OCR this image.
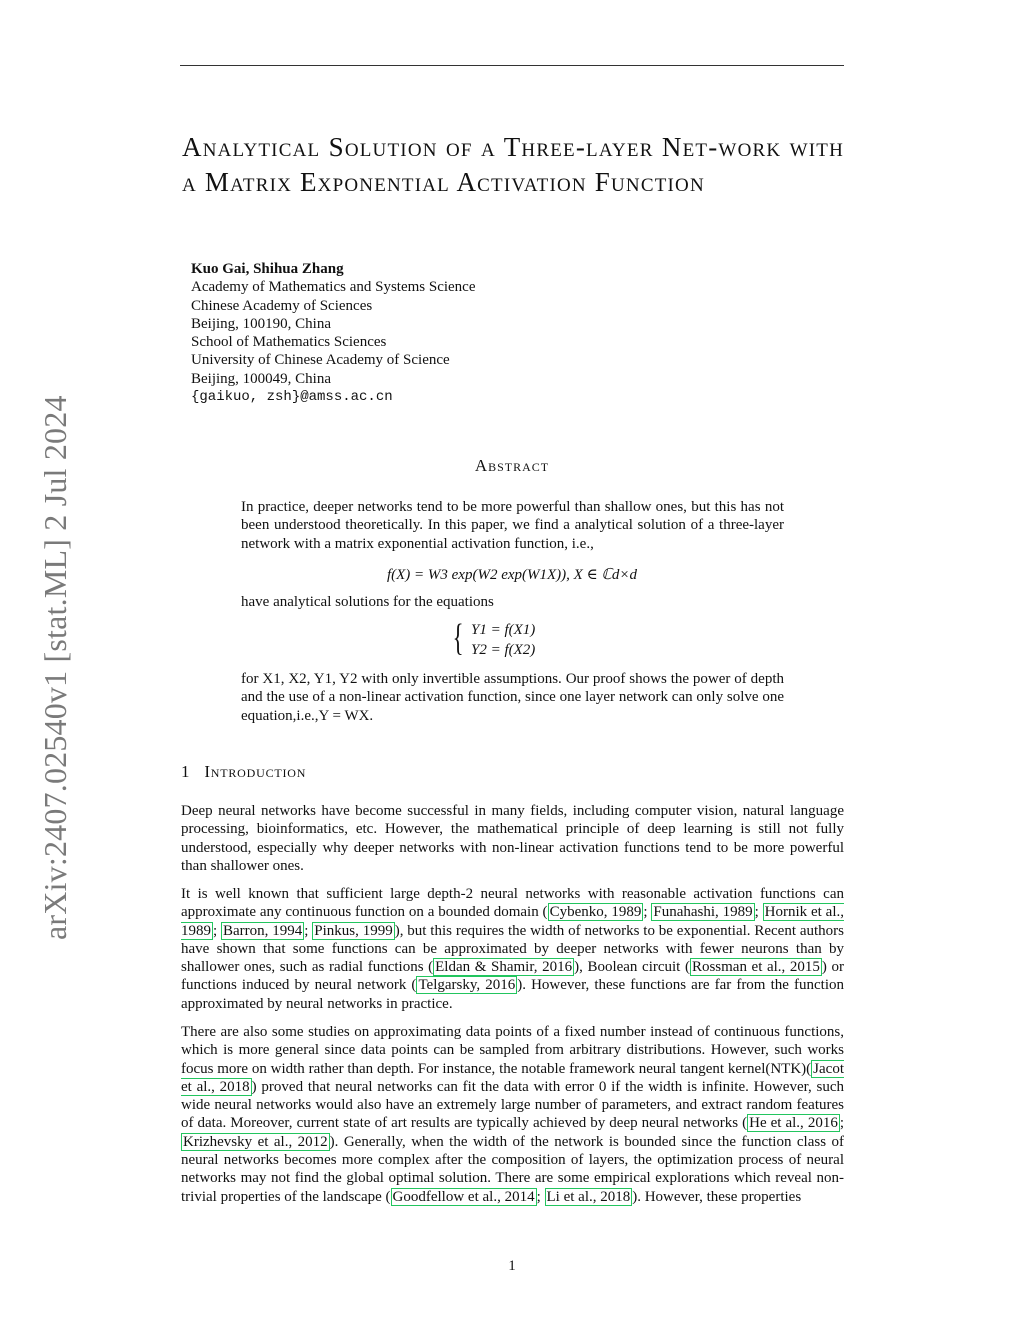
arXiv:2407.02540v1 [stat.ML] 2 Jul 2024
Analytical Solution of a Three-layer Net-work with a Matrix Exponential Activation Function
Kuo Gai, Shihua Zhang
Academy of Mathematics and Systems Science
Chinese Academy of Sciences
Beijing, 100190, China
School of Mathematics Sciences
University of Chinese Academy of Science
Beijing, 100049, China
{gaikuo, zsh}@amss.ac.cn
Abstract
In practice, deeper networks tend to be more powerful than shallow ones, but this has not been understood theoretically. In this paper, we find a analytical solution of a three-layer network with a matrix exponential activation function, i.e.,
f(X) = W3 exp(W2 exp(W1X)), X ∈ ℂd×d
have analytical solutions for the equations
{ Y1 = f(X1)
Y2 = f(X2)
for X1, X2, Y1, Y2 with only invertible assumptions. Our proof shows the power of depth and the use of a non-linear activation function, since one layer network can only solve one equation,i.e.,Y = WX.
1 Introduction
Deep neural networks have become successful in many fields, including computer vision, natural language processing, bioinformatics, etc. However, the mathematical principle of deep learning is still not fully understood, especially why deeper networks with non-linear activation functions tend to be more powerful than shallower ones.
It is well known that sufficient large depth-2 neural networks with reasonable activation functions can approximate any continuous function on a bounded domain ( Cybenko, 1989 ; Funahashi, 1989 ; Hornik et al., 1989 ; Barron, 1994 ; Pinkus, 1999 ), but this requires the width of networks to be exponential. Recent authors have shown that some functions can be approximated by deeper networks with fewer neurons than by shallower ones, such as radial functions ( Eldan & Shamir, 2016 ), Boolean circuit ( Rossman et al., 2015 ) or functions induced by neural network ( Telgarsky, 2016 ). However, these functions are far from the function approximated by neural networks in practice.
There are also some studies on approximating data points of a fixed number instead of continuous functions, which is more general since data points can be sampled from arbitrary distributions. However, such works focus more on width rather than depth. For instance, the notable framework neural tangent kernel(NTK)( Jacot et al., 2018 ) proved that neural networks can fit the data with error 0 if the width is infinite. However, such wide neural networks would also have an extremely large number of parameters, and extract random features of data. Moreover, current state of art results are typically achieved by deep neural networks ( He et al., 2016 ; Krizhevsky et al., 2012 ). Generally, when the width of the network is bounded since the function class of neural networks becomes more complex after the composition of layers, the optimization process of neural networks may not find the global optimal solution. There are some empirical explorations which reveal non-trivial properties of the landscape ( Goodfellow et al., 2014 ; Li et al., 2018 ). However, these properties
1
